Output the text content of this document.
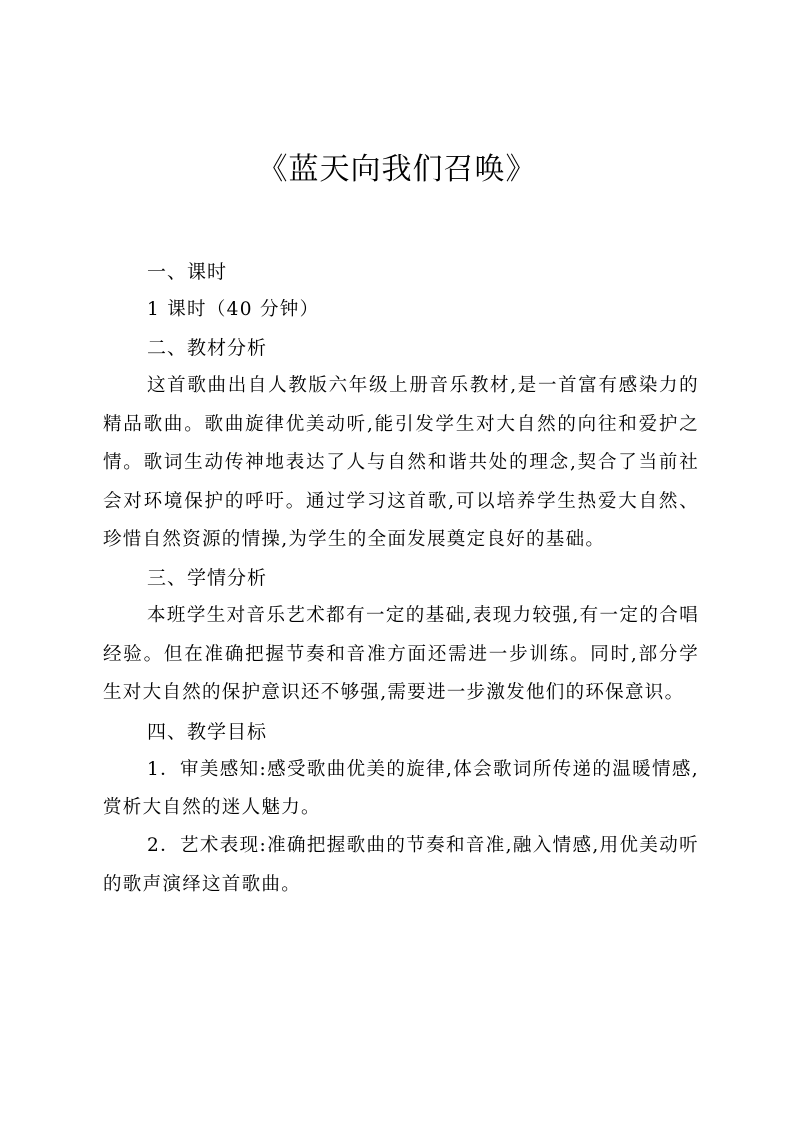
《蓝天向我们召唤》
一、课时

1 课时（40 分钟）

二、教材分析

这首歌曲出自人教版六年级上册音乐教材,是一首富有感染力的精品歌曲。歌曲旋律优美动听,能引发学生对大自然的向往和爱护之情。歌词生动传神地表达了人与自然和谐共处的理念,契合了当前社会对环境保护的呼吁。通过学习这首歌,可以培养学生热爱大自然、珍惜自然资源的情操,为学生的全面发展奠定良好的基础。

三、学情分析

本班学生对音乐艺术都有一定的基础,表现力较强,有一定的合唱经验。但在准确把握节奏和音准方面还需进一步训练。同时,部分学生对大自然的保护意识还不够强,需要进一步激发他们的环保意识。

四、教学目标

1．审美感知:感受歌曲优美的旋律,体会歌词所传递的温暖情感,赏析大自然的迷人魅力。

2．艺术表现:准确把握歌曲的节奏和音准,融入情感,用优美动听的歌声演绎这首歌曲。
